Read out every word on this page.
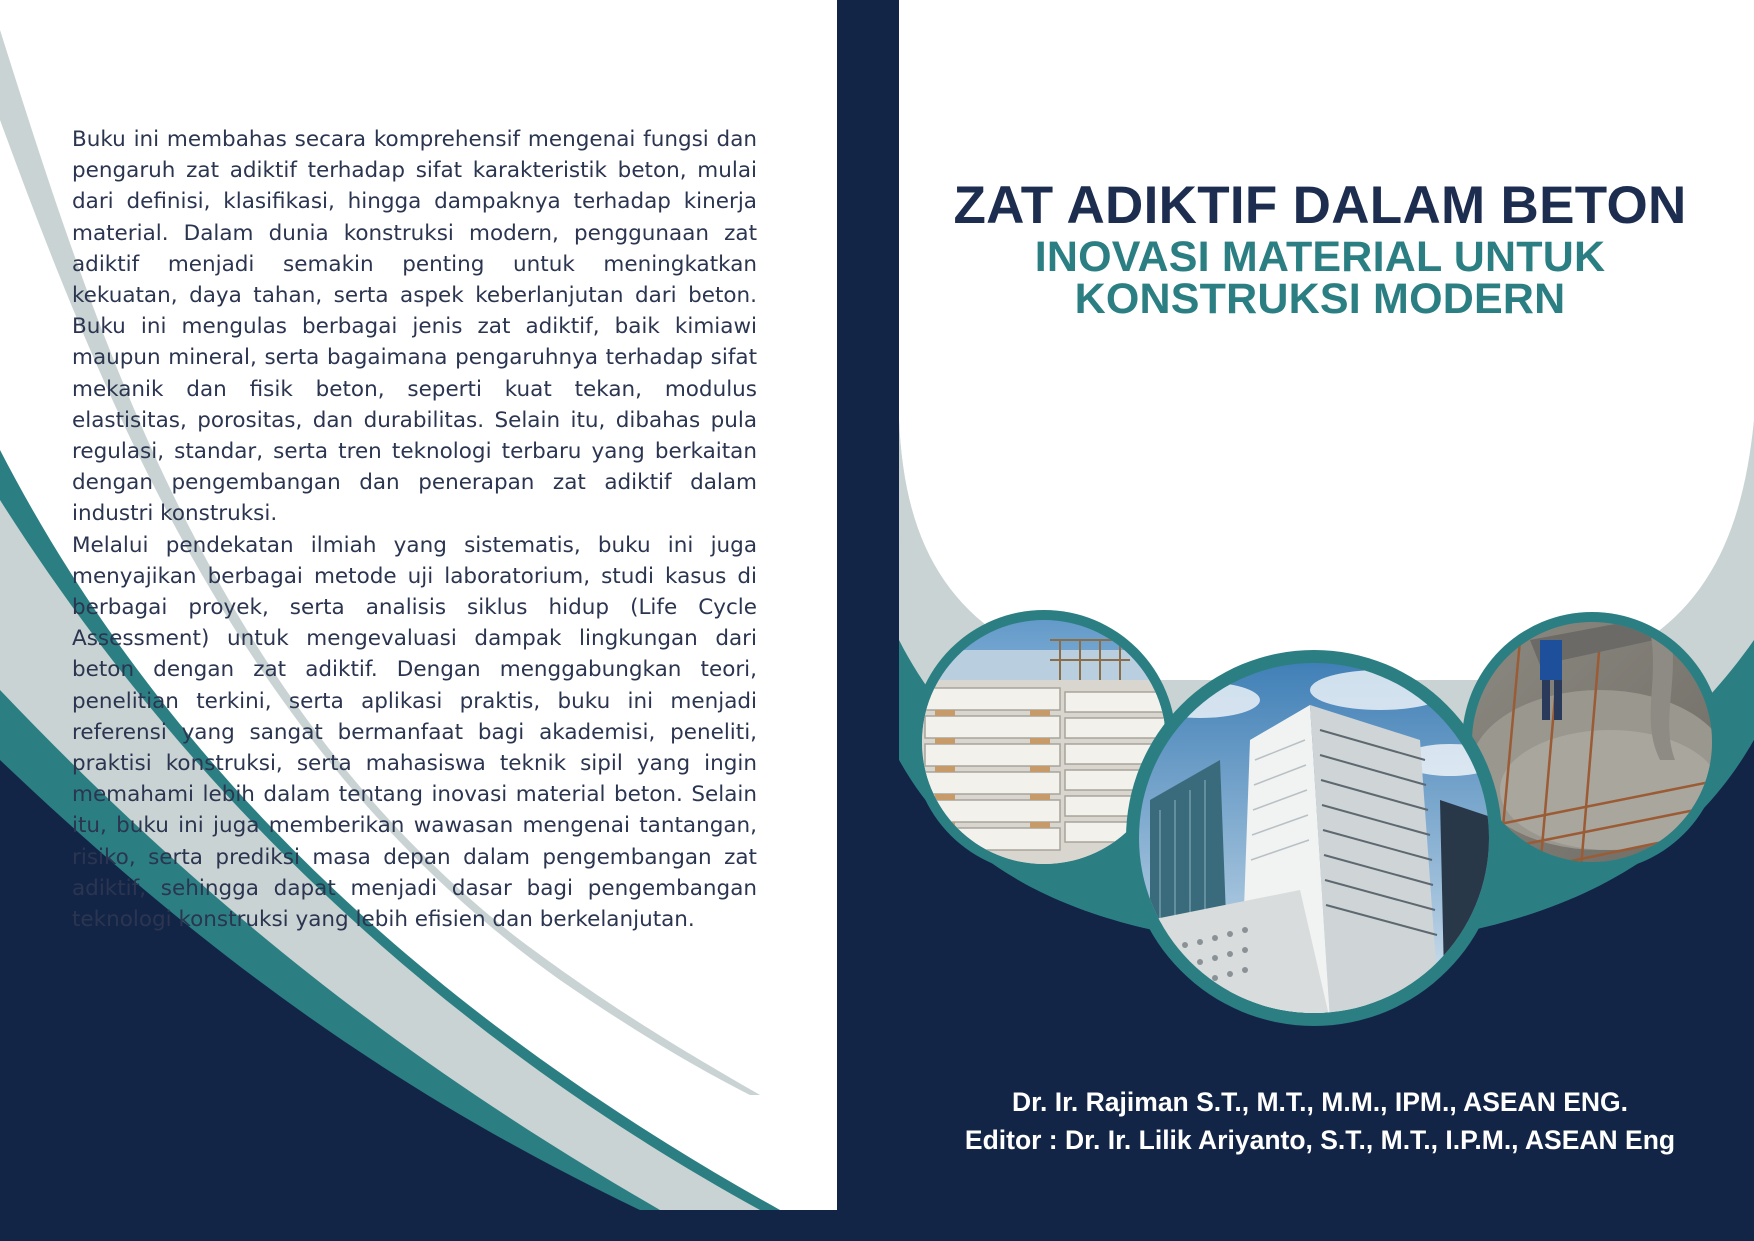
Buku ini membahas secara komprehensif mengenai fungsi dan pengaruh zat adiktif terhadap sifat karakteristik beton, mulai dari definisi, klasifikasi, hingga dampaknya terhadap kinerja material. Dalam dunia konstruksi modern, penggunaan zat adiktif menjadi semakin penting untuk meningkatkan kekuatan, daya tahan, serta aspek keberlanjutan dari beton. Buku ini mengulas berbagai jenis zat adiktif, baik kimiawi maupun mineral, serta bagaimana pengaruhnya terhadap sifat mekanik dan fisik beton, seperti kuat tekan, modulus elastisitas, porositas, dan durabilitas. Selain itu, dibahas pula regulasi, standar, serta tren teknologi terbaru yang berkaitan dengan pengembangan dan penerapan zat adiktif dalam industri konstruksi.

Melalui pendekatan ilmiah yang sistematis, buku ini juga menyajikan berbagai metode uji laboratorium, studi kasus di berbagai proyek, serta analisis siklus hidup (Life Cycle Assessment) untuk mengevaluasi dampak lingkungan dari beton dengan zat adiktif. Dengan menggabungkan teori, penelitian terkini, serta aplikasi praktis, buku ini menjadi referensi yang sangat bermanfaat bagi akademisi, peneliti, praktisi konstruksi, serta mahasiswa teknik sipil yang ingin memahami lebih dalam tentang inovasi material beton. Selain itu, buku ini juga memberikan wawasan mengenai tantangan, risiko, serta prediksi masa depan dalam pengembangan zat adiktif, sehingga dapat menjadi dasar bagi pengembangan teknologi konstruksi yang lebih efisien dan berkelanjutan.

ZAT ADIKTIF DALAM BETON
INOVASI MATERIAL UNTUK
KONSTRUKSI MODERN
Dr. Ir. Rajiman S.T., M.T., M.M., IPM., ASEAN ENG.
Editor : Dr. Ir. Lilik Ariyanto, S.T., M.T., I.P.M., ASEAN Eng
